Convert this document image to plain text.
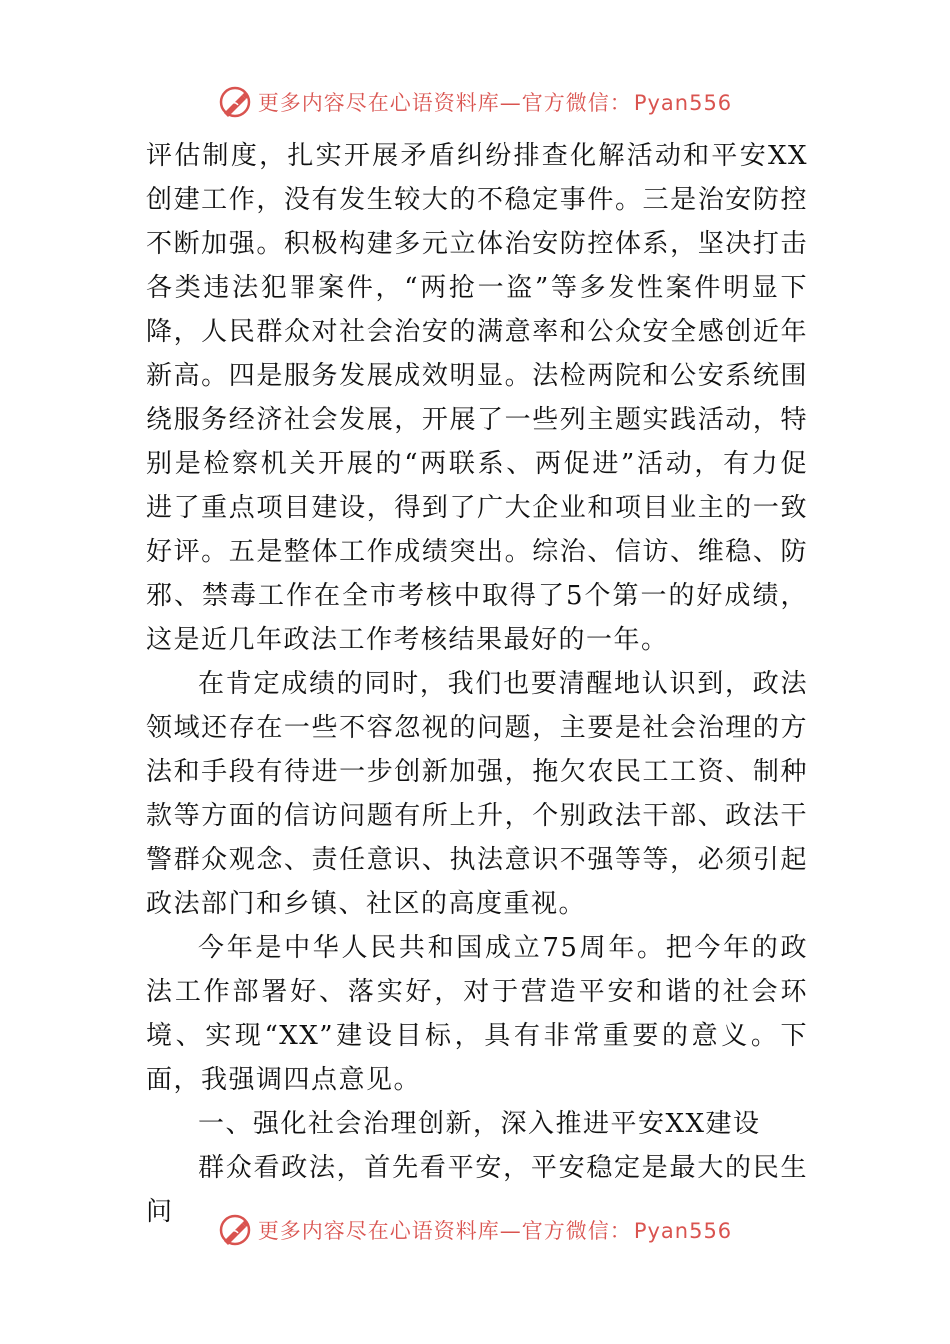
更多内容尽在心语资料库—官方微信：Pyan556

评估制度，扎实开展矛盾纠纷排查化解活动和平安XX创建工作，没有发生较大的不稳定事件。三是治安防控不断加强。积极构建多元立体治安防控体系，坚决打击各类违法犯罪案件，“两抢一盗”等多发性案件明显下降，人民群众对社会治安的满意率和公众安全感创近年新高。四是服务发展成效明显。法检两院和公安系统围绕服务经济社会发展，开展了一些列主题实践活动，特别是检察机关开展的“两联系、两促进”活动，有力促进了重点项目建设，得到了广大企业和项目业主的一致好评。五是整体工作成绩突出。综治、信访、维稳、防邪、禁毒工作在全市考核中取得了5个第一的好成绩，这是近几年政法工作考核结果最好的一年。

在肯定成绩的同时，我们也要清醒地认识到，政法领域还存在一些不容忽视的问题，主要是社会治理的方法和手段有待进一步创新加强，拖欠农民工工资、制种款等方面的信访问题有所上升，个别政法干部、政法干警群众观念、责任意识、执法意识不强等等，必须引起政法部门和乡镇、社区的高度重视。

今年是中华人民共和国成立75周年。把今年的政法工作部署好、落实好，对于营造平安和谐的社会环境、实现“XX”建设目标，具有非常重要的意义。下面，我强调四点意见。

一、强化社会治理创新，深入推进平安XX建设

群众看政法，首先看平安，平安稳定是最大的民生问

更多内容尽在心语资料库—官方微信：Pyan556
